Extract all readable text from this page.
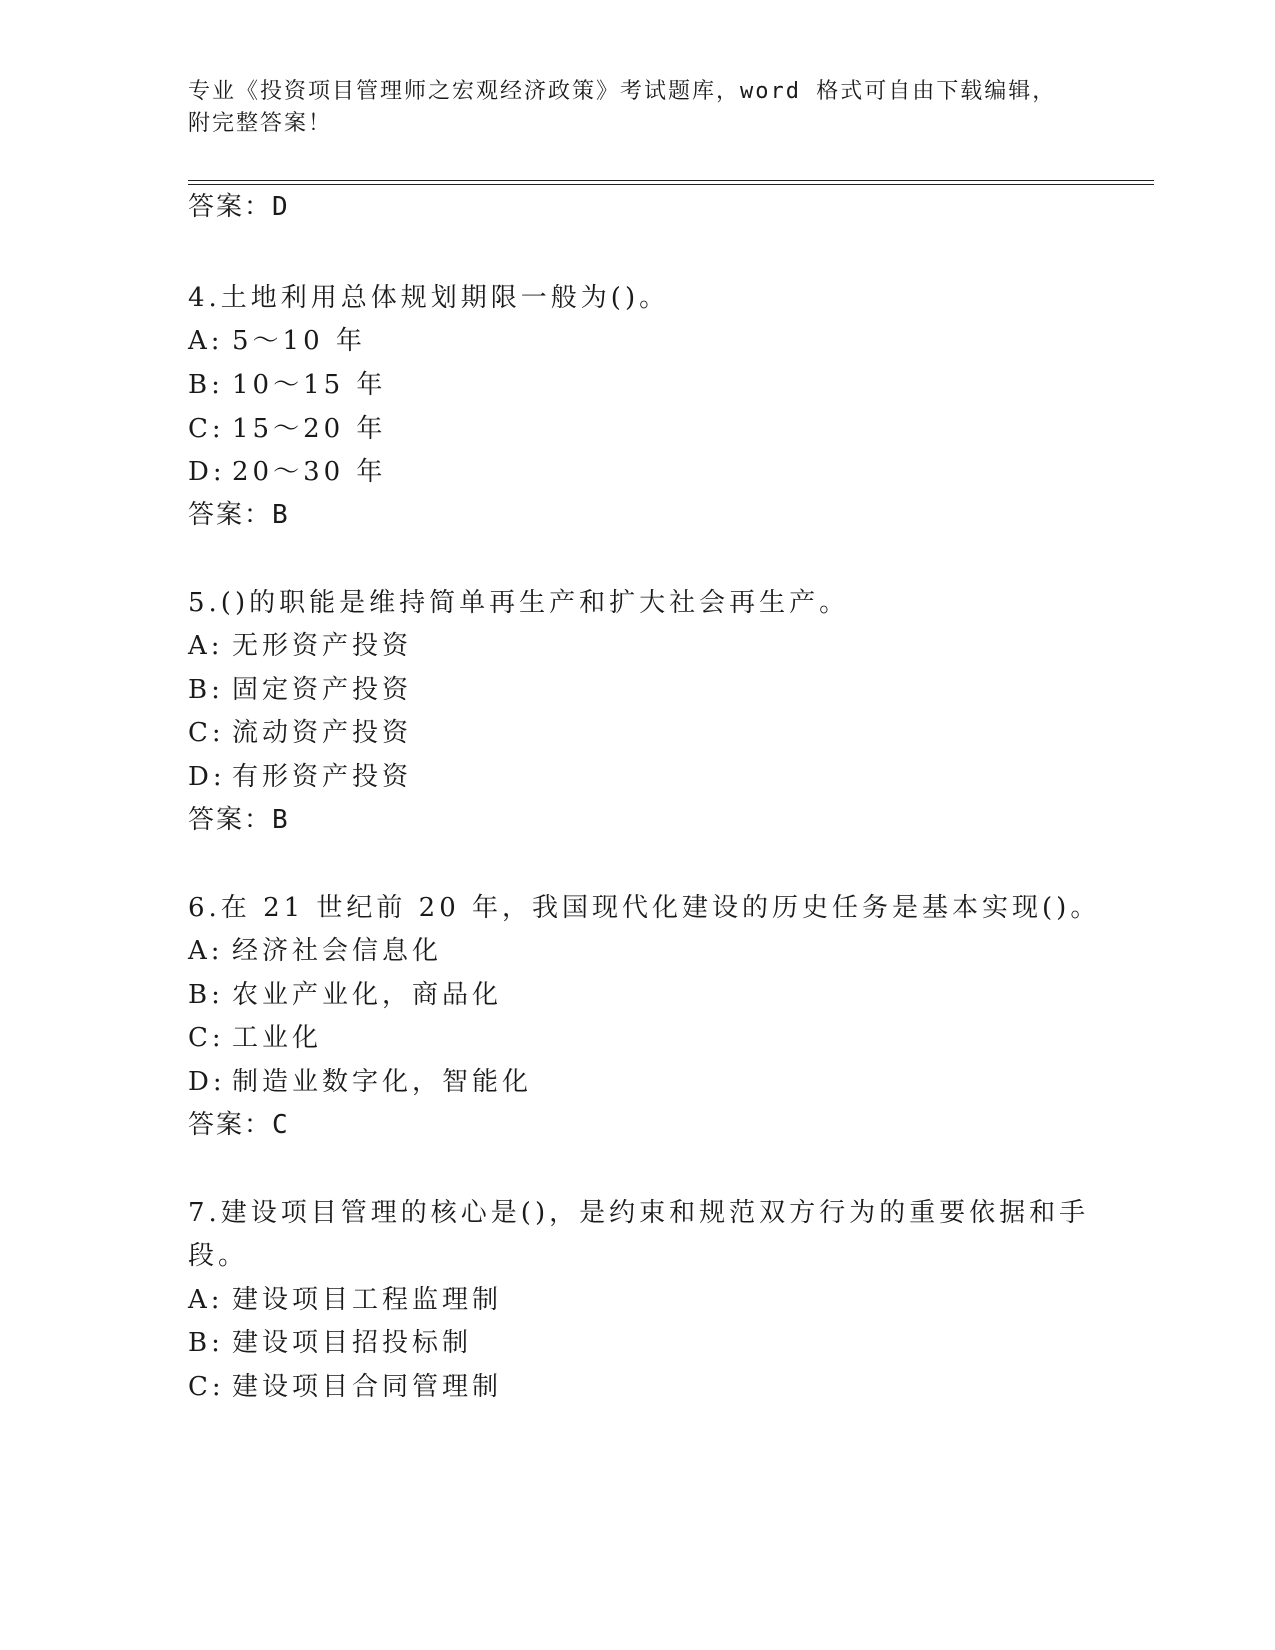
专业《投资项目管理师之宏观经济政策》考试题库，word 格式可自由下载编辑，
附完整答案！
答案：D
4.土地利用总体规划期限一般为()。
A: 5～10 年
B: 10～15 年
C: 15～20 年
D: 20～30 年
答案：B
5.()的职能是维持简单再生产和扩大社会再生产。
A: 无形资产投资
B: 固定资产投资
C: 流动资产投资
D: 有形资产投资
答案：B
6.在 21 世纪前 20 年，我国现代化建设的历史任务是基本实现()。
A: 经济社会信息化
B: 农业产业化，商品化
C: 工业化
D: 制造业数字化，智能化
答案：C
7.建设项目管理的核心是()，是约束和规范双方行为的重要依据和手
段。
A: 建设项目工程监理制
B: 建设项目招投标制
C: 建设项目合同管理制
